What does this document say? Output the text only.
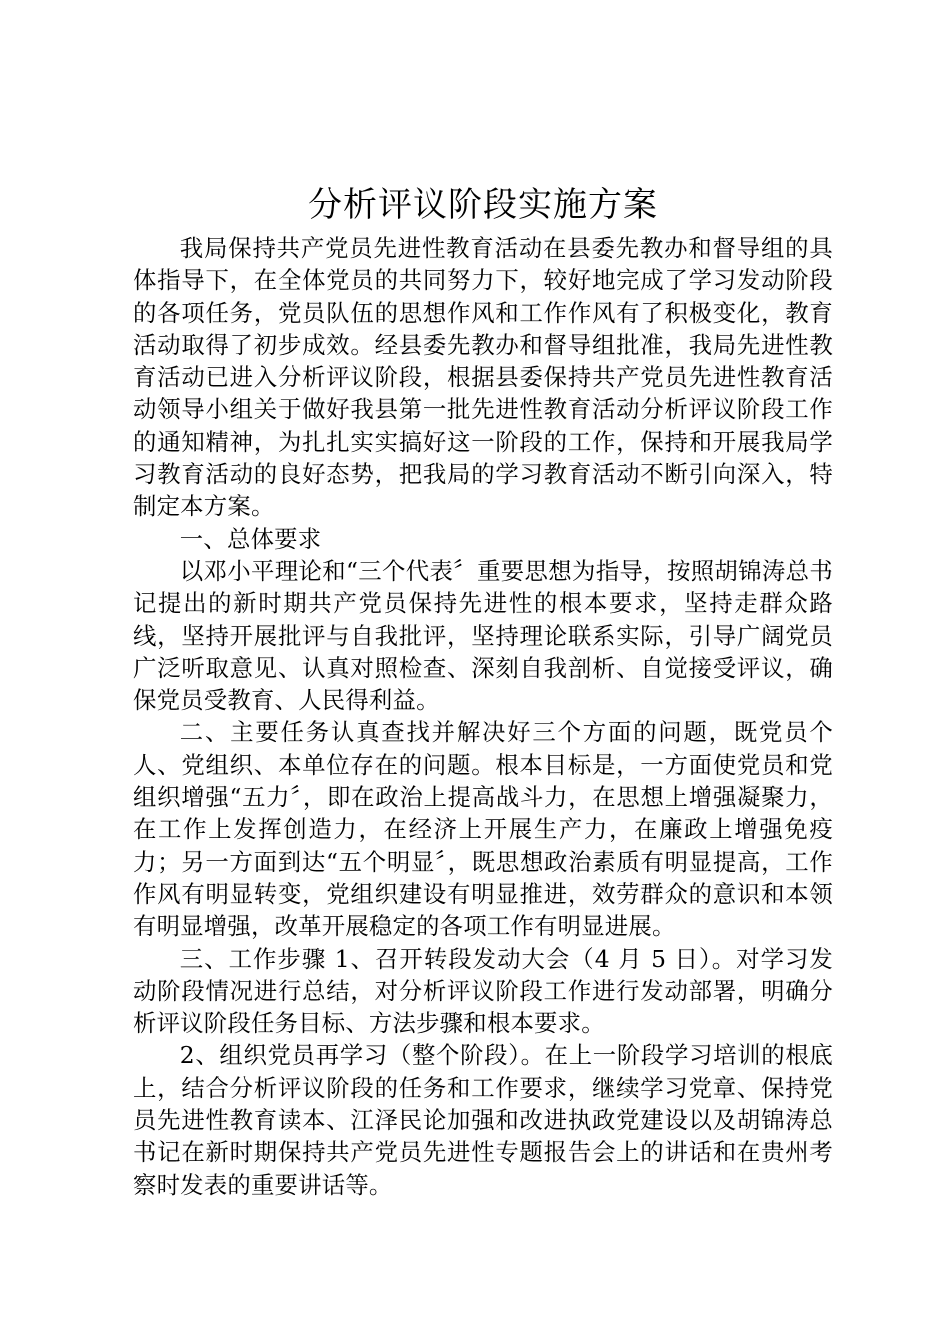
分析评议阶段实施方案

我局保持共产党员先进性教育活动在县委先教办和督导组的具体指导下，在全体党员的共同努力下，较好地完成了学习发动阶段的各项任务，党员队伍的思想作风和工作作风有了积极变化，教育活动取得了初步成效。经县委先教办和督导组批准，我局先进性教育活动已进入分析评议阶段，根据县委保持共产党员先进性教育活动领导小组关于做好我县第一批先进性教育活动分析评议阶段工作的通知精神，为扎扎实实搞好这一阶段的工作，保持和开展我局学习教育活动的良好态势，把我局的学习教育活动不断引向深入，特制定本方案。

一、总体要求

以邓小平理论和“三个代表〞重要思想为指导，按照胡锦涛总书记提出的新时期共产党员保持先进性的根本要求，坚持走群众路线，坚持开展批评与自我批评，坚持理论联系实际，引导广阔党员广泛听取意见、认真对照检查、深刻自我剖析、自觉接受评议，确保党员受教育、人民得利益。

二、主要任务认真查找并解决好三个方面的问题，既党员个人、党组织、本单位存在的问题。根本目标是，一方面使党员和党组织增强“五力〞，即在政治上提高战斗力，在思想上增强凝聚力，在工作上发挥创造力，在经济上开展生产力，在廉政上增强免疫力；另一方面到达“五个明显〞，既思想政治素质有明显提高，工作作风有明显转变，党组织建设有明显推进，效劳群众的意识和本领有明显增强，改革开展稳定的各项工作有明显进展。

三、工作步骤 1、召开转段发动大会（4 月 5 日）。对学习发动阶段情况进行总结，对分析评议阶段工作进行发动部署，明确分析评议阶段任务目标、方法步骤和根本要求。

2、组织党员再学习（整个阶段）。在上一阶段学习培训的根底上，结合分析评议阶段的任务和工作要求，继续学习党章、保持党员先进性教育读本、江泽民论加强和改进执政党建设以及胡锦涛总书记在新时期保持共产党员先进性专题报告会上的讲话和在贵州考察时发表的重要讲话等。
